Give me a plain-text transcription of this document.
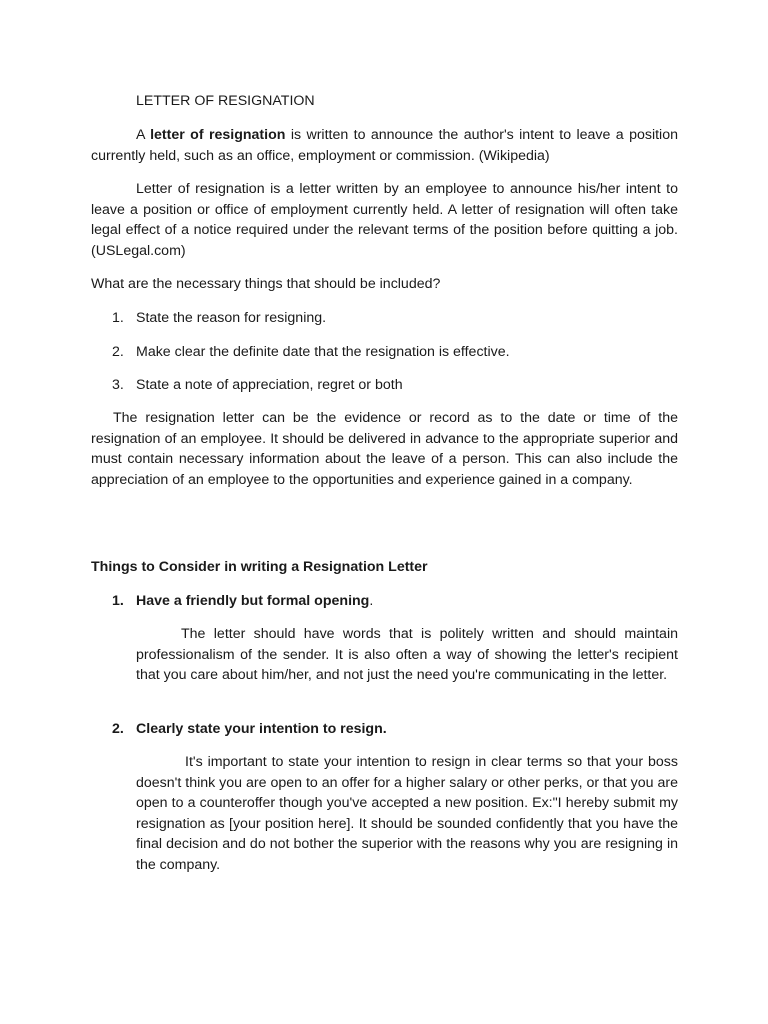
LETTER OF RESIGNATION

A letter of resignation is written to announce the author's intent to leave a position currently held, such as an office, employment or commission. (Wikipedia)

Letter of resignation is a letter written by an employee to announce his/her intent to leave a position or office of employment currently held. A letter of resignation will often take legal effect of a notice required under the relevant terms of the position before quitting a job. (USLegal.com)

What are the necessary things that should be included?

1. State the reason for resigning.
2. Make clear the definite date that the resignation is effective.
3. State a note of appreciation, regret or both

The resignation letter can be the evidence or record as to the date or time of the resignation of an employee. It should be delivered in advance to the appropriate superior and must contain necessary information about the leave of a person. This can also include the appreciation of an employee to the opportunities and experience gained in a company.

Things to Consider in writing a Resignation Letter

1. Have a friendly but formal opening.

The letter should have words that is politely written and should maintain professionalism of the sender. It is also often a way of showing the letter's recipient that you care about him/her, and not just the need you're communicating in the letter.

2. Clearly state your intention to resign.

It's important to state your intention to resign in clear terms so that your boss doesn't think you are open to an offer for a higher salary or other perks, or that you are open to a counteroffer though you've accepted a new position. Ex:"I hereby submit my resignation as [your position here]. It should be sounded confidently that you have the final decision and do not bother the superior with the reasons why you are resigning in the company.
